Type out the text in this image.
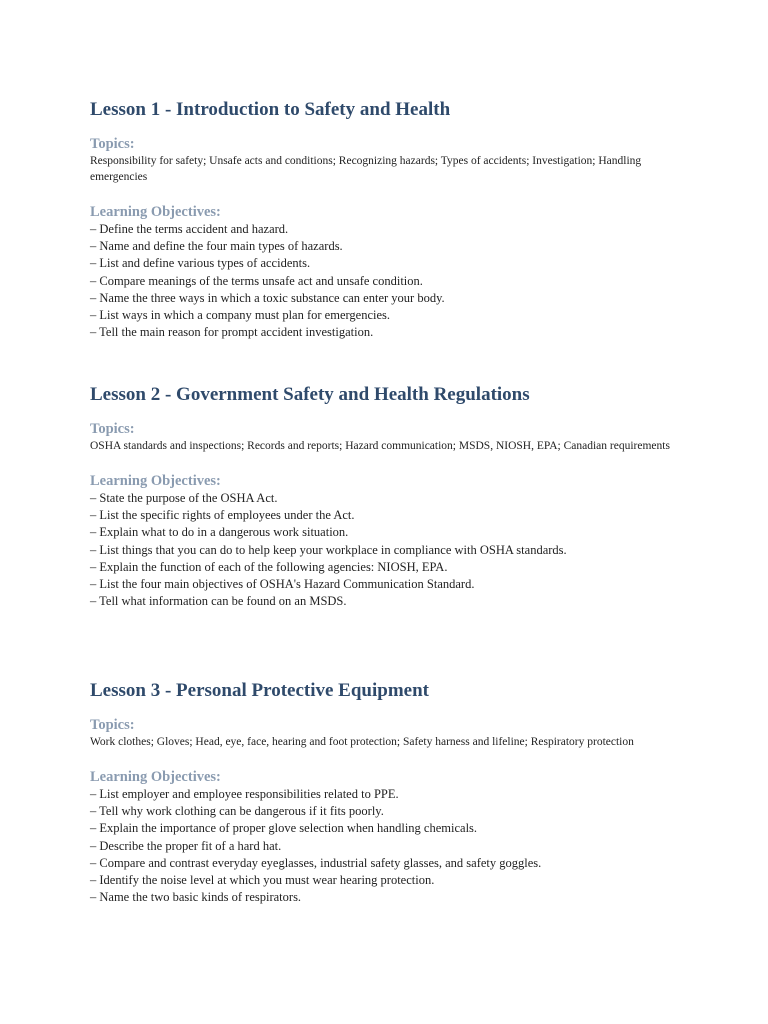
Lesson 1 - Introduction to Safety and Health
Topics:

Responsibility for safety; Unsafe acts and conditions; Recognizing hazards; Types of accidents; Investigation; Handling emergencies

Learning Objectives:
– Define the terms accident and hazard.
– Name and define the four main types of hazards.
– List and define various types of accidents.
– Compare meanings of the terms unsafe act and unsafe condition.
– Name the three ways in which a toxic substance can enter your body.
– List ways in which a company must plan for emergencies.
– Tell the main reason for prompt accident investigation.
Lesson 2 - Government Safety and Health Regulations
Topics:

OSHA standards and inspections; Records and reports; Hazard communication; MSDS, NIOSH, EPA; Canadian requirements

Learning Objectives:
– State the purpose of the OSHA Act.
– List the specific rights of employees under the Act.
– Explain what to do in a dangerous work situation.
– List things that you can do to help keep your workplace in compliance with OSHA standards.
– Explain the function of each of the following agencies: NIOSH, EPA.
– List the four main objectives of OSHA's Hazard Communication Standard.
– Tell what information can be found on an MSDS.
Lesson 3 - Personal Protective Equipment
Topics:

Work clothes; Gloves; Head, eye, face, hearing and foot protection; Safety harness and lifeline; Respiratory protection

Learning Objectives:
– List employer and employee responsibilities related to PPE.
– Tell why work clothing can be dangerous if it fits poorly.
– Explain the importance of proper glove selection when handling chemicals.
– Describe the proper fit of a hard hat.
– Compare and contrast everyday eyeglasses, industrial safety glasses, and safety goggles.
– Identify the noise level at which you must wear hearing protection.
– Name the two basic kinds of respirators.
